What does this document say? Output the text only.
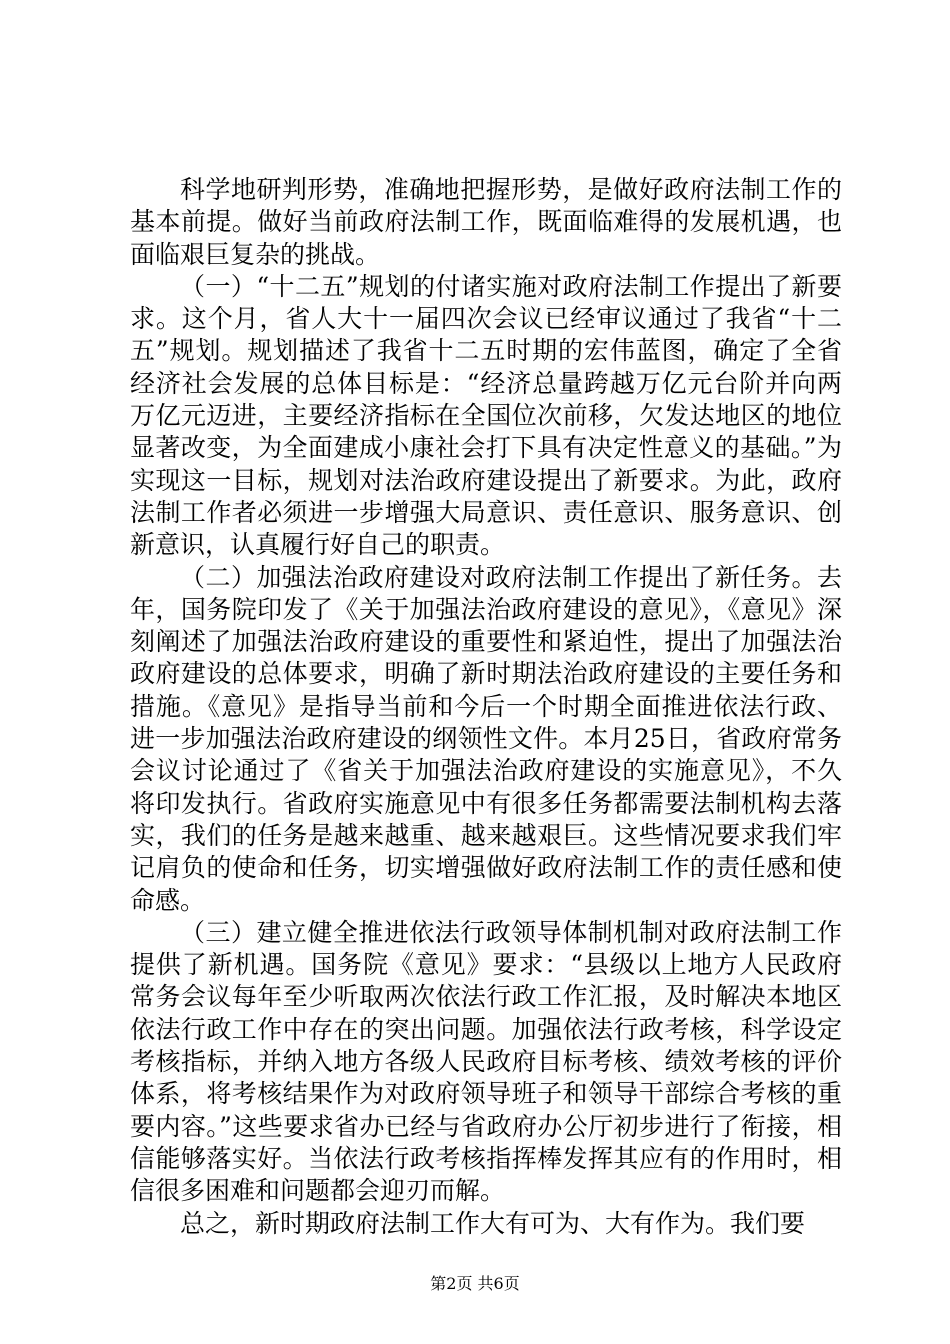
科学地研判形势，准确地把握形势，是做好政府法制工作的基本前提。做好当前政府法制工作，既面临难得的发展机遇，也面临艰巨复杂的挑战。

（一）“十二五”规划的付诸实施对政府法制工作提出了新要求。这个月，省人大十一届四次会议已经审议通过了我省“十二五”规划。规划描述了我省十二五时期的宏伟蓝图，确定了全省经济社会发展的总体目标是：“经济总量跨越万亿元台阶并向两万亿元迈进，主要经济指标在全国位次前移，欠发达地区的地位显著改变，为全面建成小康社会打下具有决定性意义的基础。”为实现这一目标，规划对法治政府建设提出了新要求。为此，政府法制工作者必须进一步增强大局意识、责任意识、服务意识、创新意识，认真履行好自己的职责。

（二）加强法治政府建设对政府法制工作提出了新任务。去年，国务院印发了《关于加强法治政府建设的意见》，《意见》深刻阐述了加强法治政府建设的重要性和紧迫性，提出了加强法治政府建设的总体要求，明确了新时期法治政府建设的主要任务和措施。《意见》是指导当前和今后一个时期全面推进依法行政、进一步加强法治政府建设的纲领性文件。本月25日，省政府常务会议讨论通过了《省关于加强法治政府建设的实施意见》，不久将印发执行。省政府实施意见中有很多任务都需要法制机构去落实，我们的任务是越来越重、越来越艰巨。这些情况要求我们牢记肩负的使命和任务，切实增强做好政府法制工作的责任感和使命感。

（三）建立健全推进依法行政领导体制机制对政府法制工作提供了新机遇。国务院《意见》要求：“县级以上地方人民政府常务会议每年至少听取两次依法行政工作汇报，及时解决本地区依法行政工作中存在的突出问题。加强依法行政考核，科学设定考核指标，并纳入地方各级人民政府目标考核、绩效考核的评价体系，将考核结果作为对政府领导班子和领导干部综合考核的重要内容。”这些要求省办已经与省政府办公厅初步进行了衔接，相信能够落实好。当依法行政考核指挥棒发挥其应有的作用时，相信很多困难和问题都会迎刃而解。

总之，新时期政府法制工作大有可为、大有作为。我们要

第2页 共6页
